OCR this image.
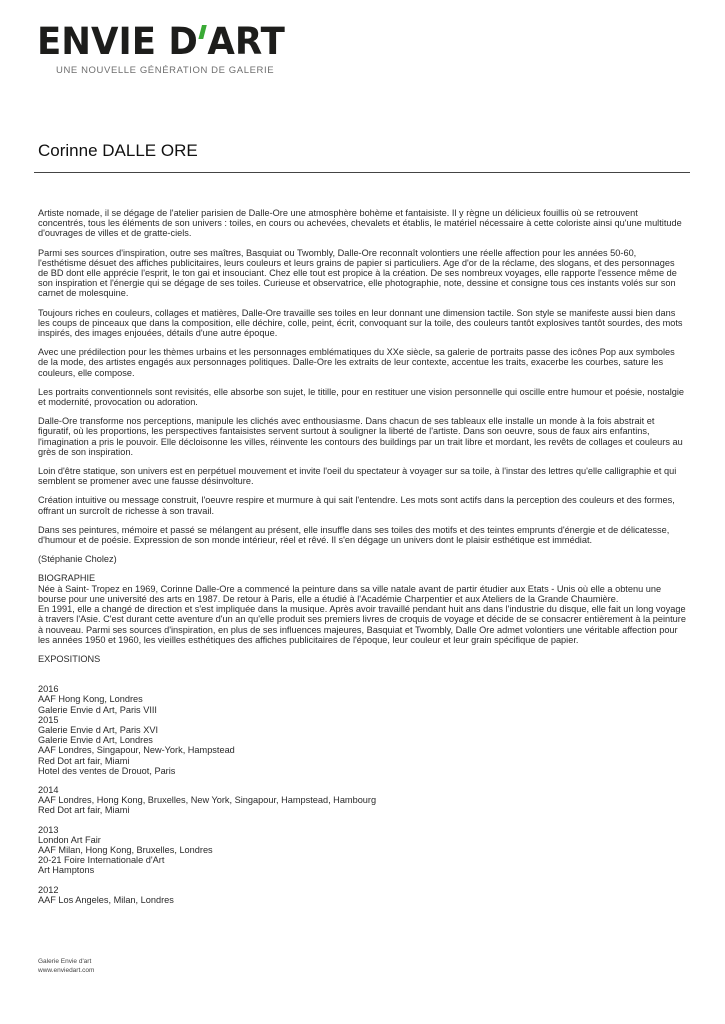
ENVIE D ART
UNE NOUVELLE GÉNÉRATION DE GALERIE
Corinne DALLE ORE

Artiste nomade, il se dégage de l'atelier parisien de Dalle-Ore une atmosphère bohème et fantaisiste. Il y règne un délicieux fouillis où se retrouvent concentrés, tous les éléments de son univers : toiles, en cours ou achevées, chevalets et établis, le matériel nécessaire à cette coloriste ainsi qu'une multitude d'ouvrages de villes et de gratte-ciels.

Parmi ses sources d'inspiration, outre ses maîtres, Basquiat ou Twombly, Dalle-Ore reconnaît volontiers une réelle affection pour les années 50-60, l'esthétisme désuet des affiches publicitaires, leurs couleurs et leurs grains de papier si particuliers. Age d'or de la réclame, des slogans, et des personnages de BD dont elle apprécie l'esprit, le ton gai et insouciant. Chez elle tout est propice à la création. De ses nombreux voyages, elle rapporte l'essence même de son inspiration et l'énergie qui se dégage de ses toiles. Curieuse et observatrice, elle photographie, note, dessine et consigne tous ces instants volés sur son carnet de molesquine.

Toujours riches en couleurs, collages et matières, Dalle-Ore travaille ses toiles en leur donnant une dimension tactile. Son style se manifeste aussi bien dans les coups de pinceaux que dans la composition, elle déchire, colle, peint, écrit, convoquant sur la toile, des couleurs tantôt explosives tantôt sourdes, des mots inspirés, des images enjouées, détails d'une autre époque.

Avec une prédilection pour les thèmes urbains et les personnages emblématiques du XXe siècle, sa galerie de portraits passe des icônes Pop aux symboles de la mode, des artistes engagés aux personnages politiques. Dalle-Ore les extraits de leur contexte, accentue les traits, exacerbe les courbes, sature les couleurs, elle compose.

Les portraits conventionnels sont revisités, elle absorbe son sujet, le titille, pour en restituer une vision personnelle qui oscille entre humour et poésie, nostalgie et modernité, provocation ou adoration.

Dalle-Ore transforme nos perceptions, manipule les clichés avec enthousiasme. Dans chacun de ses tableaux elle installe un monde à la fois abstrait et figuratif, où les proportions, les perspectives fantaisistes servent surtout à souligner la liberté de l'artiste. Dans son oeuvre, sous de faux airs enfantins, l'imagination a pris le pouvoir. Elle décloisonne les villes, réinvente les contours des buildings par un trait libre et mordant, les revêts de collages et couleurs au grès de son inspiration.

Loin d'être statique, son univers est en perpétuel mouvement et invite l'oeil du spectateur à voyager sur sa toile, à l'instar des lettres qu'elle calligraphie et qui semblent se promener avec une fausse désinvolture.

Création intuitive ou message construit, l'oeuvre respire et murmure à qui sait l'entendre. Les mots sont actifs dans la perception des couleurs et des formes, offrant un surcroît de richesse à son travail.

Dans ses peintures, mémoire et passé se mélangent au présent, elle insuffle dans ses toiles des motifs et des teintes emprunts d'énergie et de délicatesse, d'humour et de poésie. Expression de son monde intérieur, réel et rêvé. Il s'en dégage un univers dont le plaisir esthétique est immédiat.

(Stéphanie Cholez)

BIOGRAPHIE
Née à Saint- Tropez en 1969, Corinne Dalle-Ore a commencé la peinture dans sa ville natale avant de partir étudier aux Etats - Unis où elle a obtenu une bourse pour une université des arts en 1987. De retour à Paris, elle a étudié à l'Académie Charpentier et aux Ateliers de la Grande Chaumière.

En 1991, elle a changé de direction et s'est impliquée dans la musique. Après avoir travaillé pendant huit ans dans l'industrie du disque, elle fait un long voyage à travers l'Asie. C'est durant cette aventure d'un an qu'elle produit ses premiers livres de croquis de voyage et décide de se consacrer entièrement à la peinture à nouveau. Parmi ses sources d'inspiration, en plus de ses influences majeures, Basquiat et Twombly, Dalle Ore admet volontiers une véritable affection pour les années 1950 et 1960, les vieilles esthétiques des affiches publicitaires de l'époque, leur couleur et leur grain spécifique de papier.

EXPOSITIONS
2016
AAF Hong Kong, Londres
Galerie Envie d Art, Paris VIII
2015
Galerie Envie d Art, Paris XVI
Galerie Envie d Art, Londres
AAF Londres, Singapour, New-York, Hampstead
Red Dot art fair, Miami
Hotel des ventes de Drouot, Paris
2014
AAF Londres, Hong Kong, Bruxelles, New York, Singapour, Hampstead, Hambourg
Red Dot art fair, Miami
2013
London Art Fair
AAF Milan, Hong Kong, Bruxelles, Londres
20-21 Foire Internationale d'Art
Art Hamptons
2012
AAF Los Angeles, Milan, Londres
Galerie Envie d'art
www.enviedart.com
